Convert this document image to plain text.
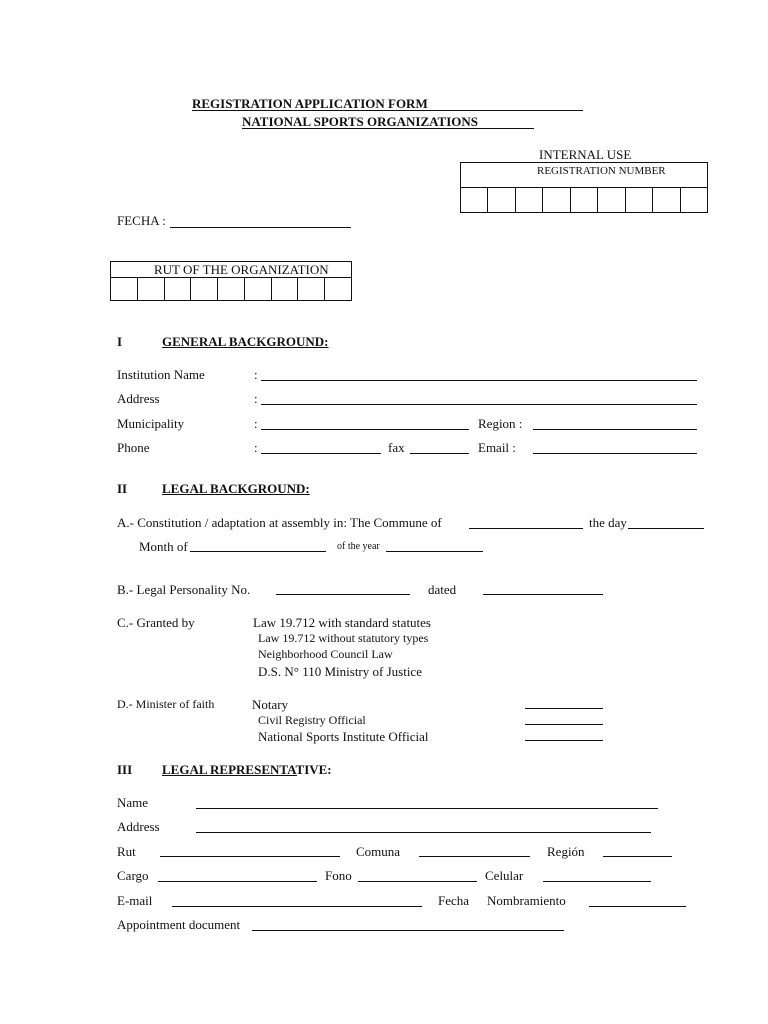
REGISTRATION APPLICATION FORM
NATIONAL SPORTS ORGANIZATIONS
INTERNAL USE
REGISTRATION NUMBER
FECHA :
RUT OF THE ORGANIZATION
I	GENERAL BACKGROUND:
Institution Name	:
Address	:
Municipality	:	Region :
Phone	:	fax	Email :
II	LEGAL BACKGROUND:
A.- Constitution / adaptation at assembly in: The Commune of	the day
Month of	of the year
B.- Legal Personality No.	dated
C.- Granted by	Law 19.712 with standard statutes
Law 19.712 without statutory types
Neighborhood Council Law
D.S. N° 110 Ministry of Justice
D.- Minister of faith	Notary
Civil Registry Official
National Sports Institute Official
III LEGAL REPRESENTATIVE:
Name
Address
Rut	Comuna	Región
Cargo	Fono	Celular
E-mail	Fecha Nombramiento
Appointment document
